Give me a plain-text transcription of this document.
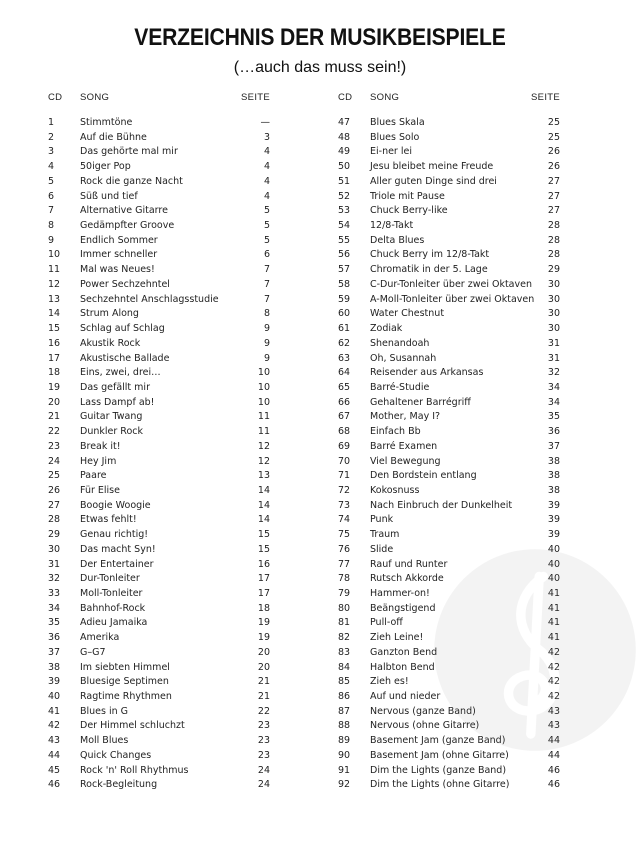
VERZEICHNIS DER MUSIKBEISPIELE
(…auch das muss sein!)
CD SONG	SEITE
1	Stimmtöne	—
2	Auf die Bühne	3
3	Das gehörte mal mir	4
4	50iger Pop	4
5	Rock die ganze Nacht	4
6	Süß und tief	4
7	Alternative Gitarre	5
8	Gedämpfter Groove	5
9	Endlich Sommer	5
10 Immer schneller	6
11 Mal was Neues!	7
12 Power Sechzehntel	7
13 Sechzehntel Anschlagsstudie	7
14 Strum Along	8
15 Schlag auf Schlag	9
16 Akustik Rock	9
17 Akustische Ballade	9
18 Eins, zwei, drei…	10
19 Das gefällt mir	10
20 Lass Dampf ab!	10
21 Guitar Twang	11
22 Dunkler Rock	11
23 Break it!	12
24 Hey Jim	12
25 Paare	13
26 Für Elise	14
27 Boogie Woogie	14
28 Etwas fehlt!	14
29 Genau richtig!	15
30 Das macht Syn!	15
31 Der Entertainer	16
32 Dur-Tonleiter	17
33 Moll-Tonleiter	17
34 Bahnhof-Rock	18
35 Adieu Jamaika	19
36 Amerika	19
37 G–G7	20
38 Im siebten Himmel	20
39 Bluesige Septimen	21
40 Ragtime Rhythmen	21
41 Blues in G	22
42 Der Himmel schluchzt	23
43 Moll Blues	23
44 Quick Changes	23
45 Rock 'n' Roll Rhythmus	24
46 Rock-Begleitung	24
CD SONG	SEITE
47 Blues Skala	25
48 Blues Solo	25
49 Ei-ner lei	26
50 Jesu bleibet meine Freude	26
51 Aller guten Dinge sind drei	27
52 Triole mit Pause	27
53 Chuck Berry-like	27
54 12/8-Takt	28
55 Delta Blues	28
56 Chuck Berry im 12/8-Takt	28
57 Chromatik in der 5. Lage	29
58 C-Dur-Tonleiter über zwei Oktaven 30
59 A-Moll-Tonleiter über zwei Oktaven 30
60 Water Chestnut	30
61 Zodiak	30
62 Shenandoah	31
63 Oh, Susannah	31
64 Reisender aus Arkansas	32
65 Barré-Studie	34
66 Gehaltener Barrégriff	34
67 Mother, May I?	35
68 Einfach Bb	36
69 Barré Examen	37
70 Viel Bewegung	38
71 Den Bordstein entlang	38
72 Kokosnuss	38
73 Nach Einbruch der Dunkelheit	39
74 Punk	39
75 Traum	39
76 Slide	40
77 Rauf und Runter	40
78 Rutsch Akkorde	40
79 Hammer-on!	41
80 Beängstigend	41
81 Pull-off	41
82 Zieh Leine!	41
83 Ganzton Bend	42
84 Halbton Bend	42
85 Zieh es!	42
86 Auf und nieder	42
87 Nervous (ganze Band)	43
88 Nervous (ohne Gitarre)	43
89 Basement Jam (ganze Band)	44
90 Basement Jam (ohne Gitarre)	44
91 Dim the Lights (ganze Band)	46
92 Dim the Lights (ohne Gitarre)	46
